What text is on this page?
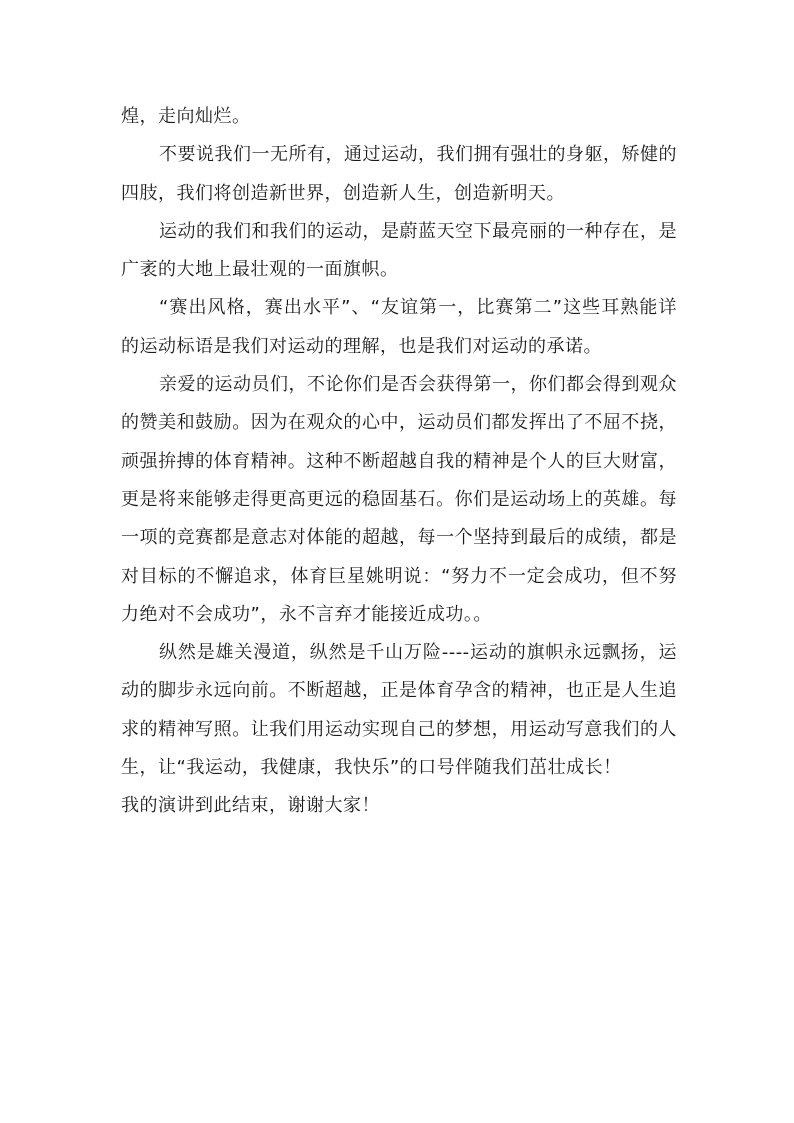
煌，走向灿烂。

不要说我们一无所有，通过运动，我们拥有强壮的身躯，矫健的四肢，我们将创造新世界，创造新人生，创造新明天。

运动的我们和我们的运动，是蔚蓝天空下最亮丽的一种存在，是广袤的大地上最壮观的一面旗帜。

“赛出风格，赛出水平”、“友谊第一，比赛第二”这些耳熟能详的运动标语是我们对运动的理解，也是我们对运动的承诺。

亲爱的运动员们，不论你们是否会获得第一，你们都会得到观众的赞美和鼓励。因为在观众的心中，运动员们都发挥出了不屈不挠，顽强拚搏的体育精神。这种不断超越自我的精神是个人的巨大财富，更是将来能够走得更高更远的稳固基石。你们是运动场上的英雄。每一项的竞赛都是意志对体能的超越，每一个坚持到最后的成绩，都是对目标的不懈追求，体育巨星姚明说：“努力不一定会成功，但不努力绝对不会成功”，永不言弃才能接近成功。。

纵然是雄关漫道，纵然是千山万险----运动的旗帜永远飘扬，运动的脚步永远向前。不断超越，正是体育孕含的精神，也正是人生追求的精神写照。让我们用运动实现自己的梦想，用运动写意我们的人生，让“我运动，我健康，我快乐”的口号伴随我们茁壮成长！

我的演讲到此结束，谢谢大家！
